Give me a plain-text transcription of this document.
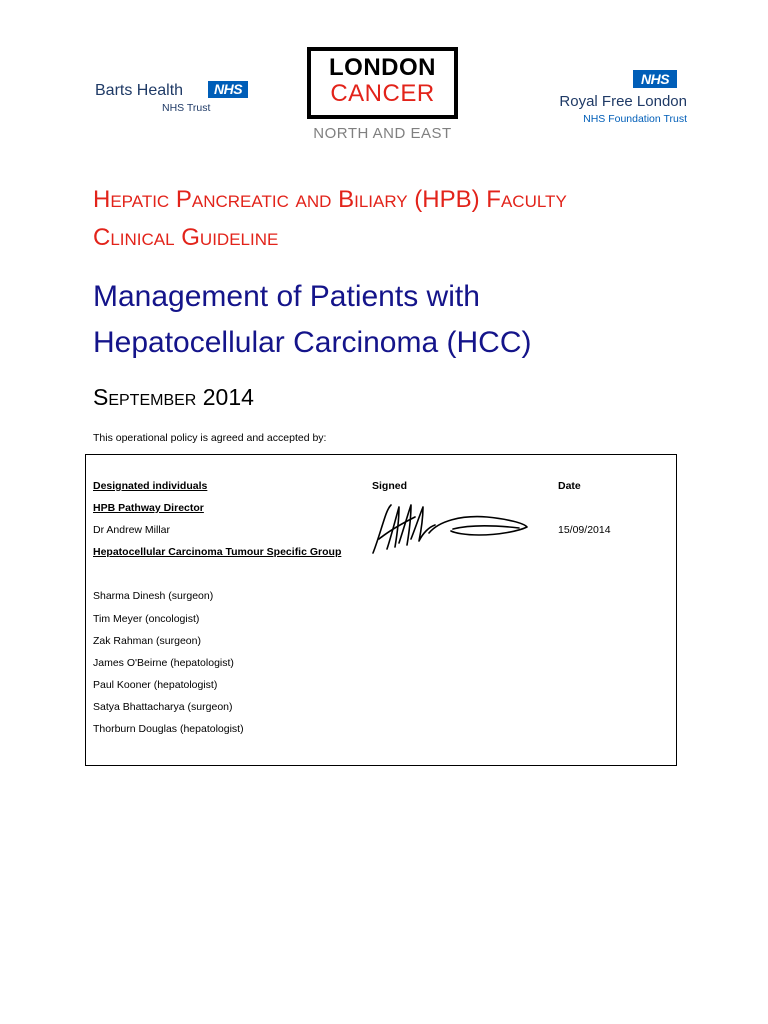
Barts Health	NHS
NHS Trust
LONDON
CANCER
NORTH AND EAST
NHS
Royal Free London
NHS Foundation Trust
Hepatic Pancreatic and Biliary (HPB) Faculty
Clinical Guideline
Management of Patients with
Hepatocellular Carcinoma (HCC)
September 2014
This operational policy is agreed and accepted by:
Designated individuals	Signed	Date
HPB Pathway Director
Dr Andrew Millar	15/09/2014
Hepatocellular Carcinoma Tumour Specific Group
Sharma Dinesh (surgeon)
Tim Meyer (oncologist)
Zak Rahman (surgeon)
James O'Beirne (hepatologist)
Paul Kooner (hepatologist)
Satya Bhattacharya (surgeon)
Thorburn Douglas (hepatologist)
